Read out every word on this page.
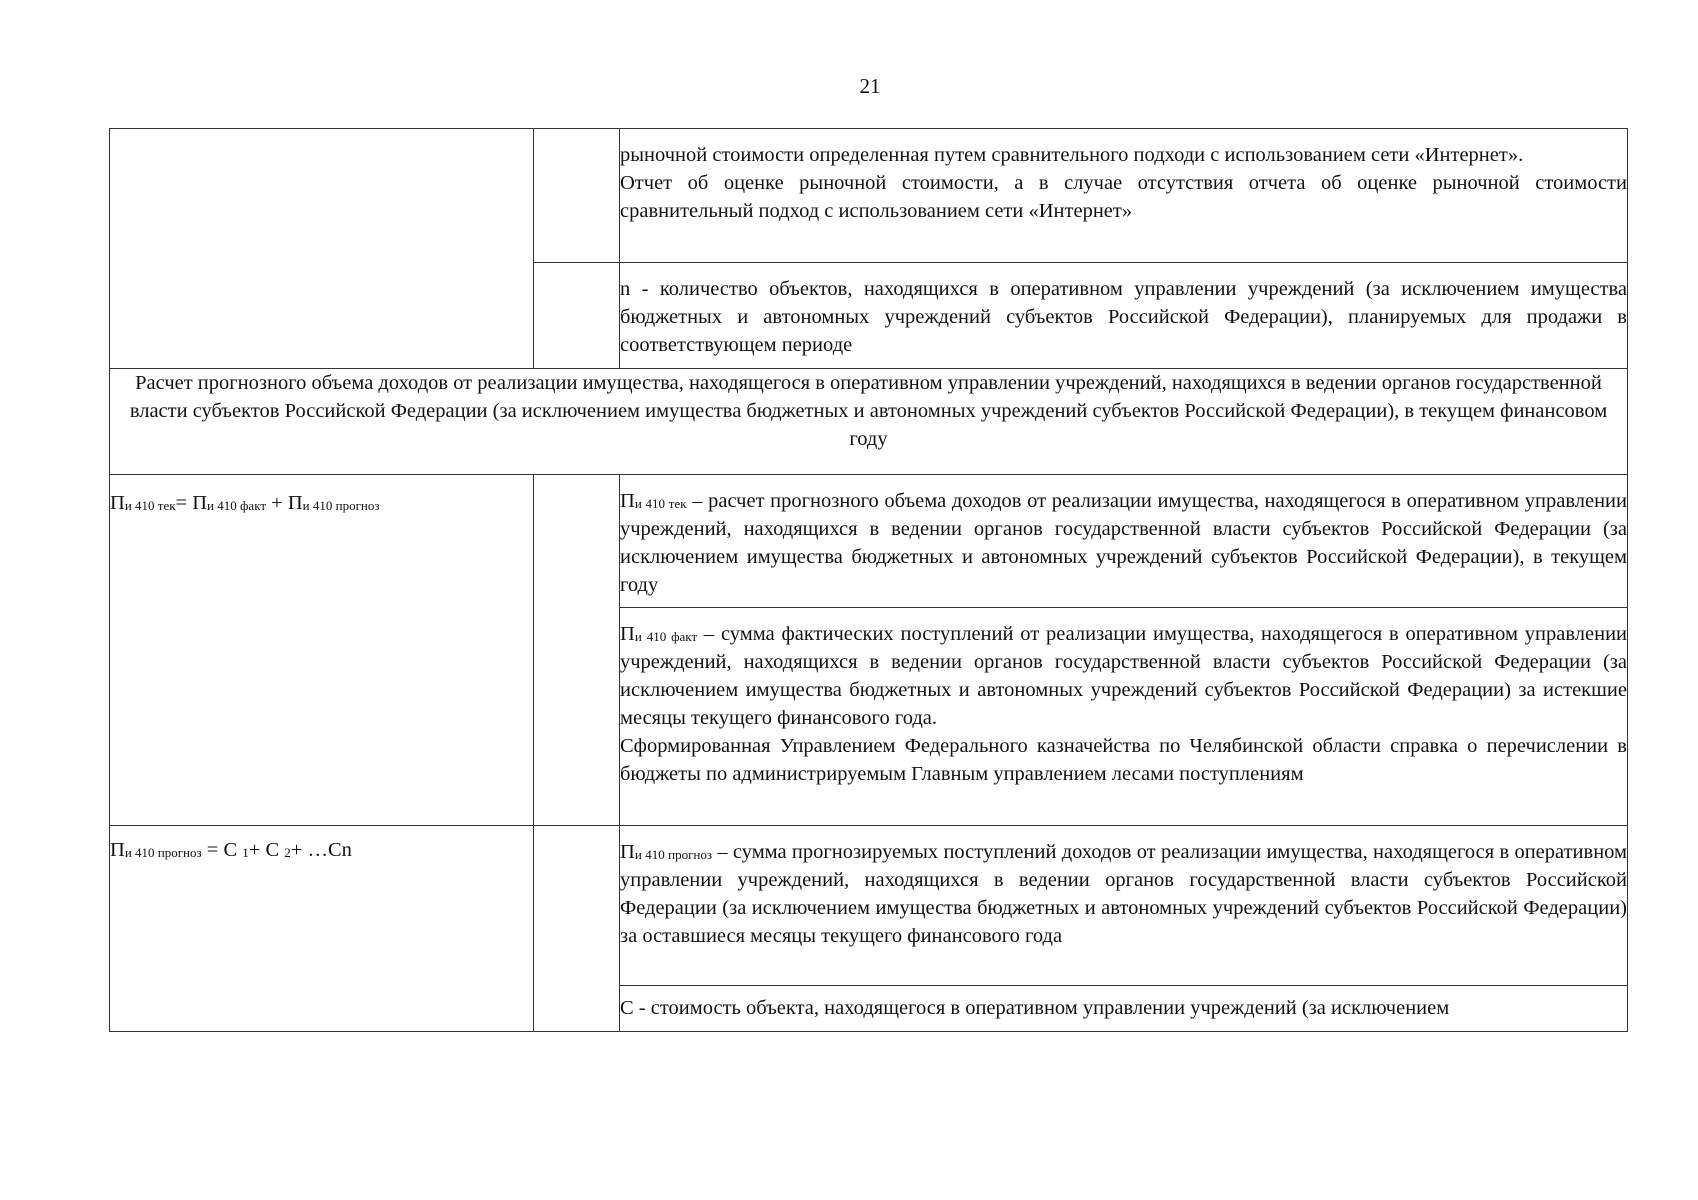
21

		рыночной стоимости определенная путем сравнительного подходи с использованием сети «Интернет».

Отчет об оценке рыночной стоимости, а в случае отсутствия отчета об оценке рыночной стоимости сравнительный подход с использованием сети «Интернет»

		n - количество объектов, находящихся в оперативном управлении учреждений (за исключением имущества бюджетных и автономных учреждений субъектов Российской Федерации), планируемых для продажи в соответствующем периоде

Расчет прогнозного объема доходов от реализации имущества, находящегося в оперативном управлении учреждений, находящихся в ведении органов государственной власти субъектов Российской Федерации (за исключением имущества бюджетных и автономных учреждений субъектов Российской Федерации), в текущем финансовом году		
$П_{и 410 тек}= П_{и 410 факт} + П_{и 410 прогноз}$		$П_{и 410 тек}$ – расчет прогнозного объема доходов от реализации имущества, находящегося в оперативном управлении учреждений, находящихся в ведении органов государственной власти субъектов Российской Федерации (за исключением имущества бюджетных и автономных учреждений субъектов Российской Федерации), в текущем году

		$П_{и 410 факт}$ – сумма фактических поступлений от реализации имущества, находящегося в оперативном управлении учреждений, находящихся в ведении органов государственной власти субъектов Российской Федерации (за исключением имущества бюджетных и автономных учреждений субъектов Российской Федерации) за истекшие месяцы текущего финансового года.

Сформированная Управлением Федерального казначейства по Челябинской области справка о перечислении в бюджеты по администрируемым Главным управлением лесами поступлениям

$П_{и 410 прогноз} = C$ $_1$+ C $_2$+ …Cn		$П_{и 410 прогноз}$ – сумма прогнозируемых поступлений доходов от реализации имущества, находящегося в оперативном управлении учреждений, находящихся в ведении органов государственной власти субъектов Российской Федерации (за исключением имущества бюджетных и автономных учреждений субъектов Российской Федерации) за оставшиеся месяцы текущего финансового года

		C - стоимость объекта, находящегося в оперативном управлении учреждений (за исключением
